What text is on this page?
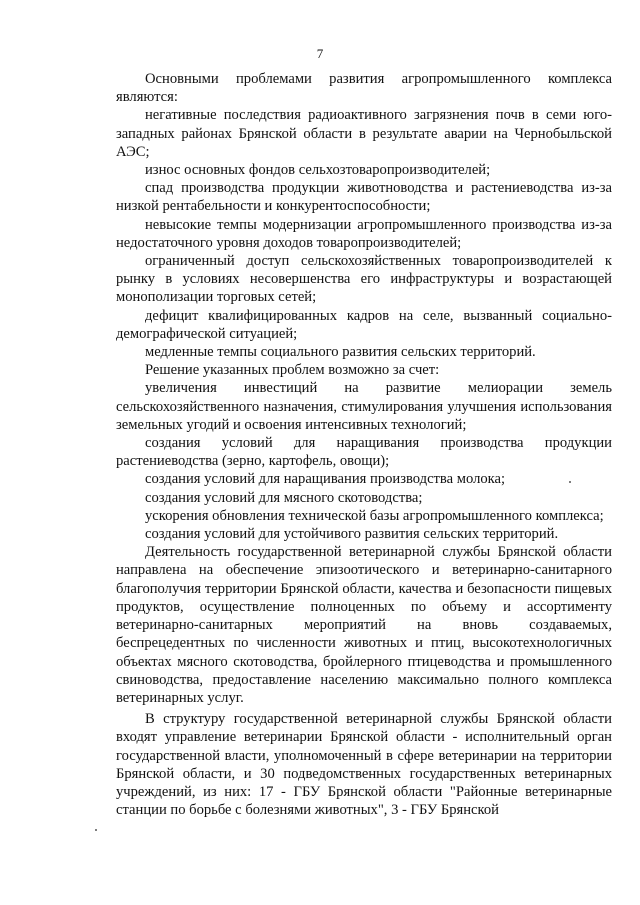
7

Основными проблемами развития агропромышленного комплекса являются:

негативные последствия радиоактивного загрязнения почв в семи юго-западных районах Брянской области в результате аварии на Чернобыльской АЭС;

износ основных фондов сельхозтоваропроизводителей;

спад производства продукции животноводства и растениеводства из-за низкой рентабельности и конкурентоспособности;

невысокие темпы модернизации агропромышленного производства из-за недостаточного уровня доходов товаропроизводителей;

ограниченный доступ сельскохозяйственных товаропроизводителей к рынку в условиях несовершенства его инфраструктуры и возрастающей монополизации торговых сетей;

дефицит квалифицированных кадров на селе, вызванный социально-демографической ситуацией;

медленные темпы социального развития сельских территорий.

Решение указанных проблем возможно за счет:

увеличения инвестиций на развитие мелиорации земель сельскохозяйственного назначения, стимулирования улучшения использования земельных угодий и освоения интенсивных технологий;

создания условий для наращивания производства продукции растениеводства (зерно, картофель, овощи);

создания условий для наращивания производства молока;

создания условий для мясного скотоводства;

ускорения обновления технической базы агропромышленного комплекса;

создания условий для устойчивого развития сельских территорий.

Деятельность государственной ветеринарной службы Брянской области направлена на обеспечение эпизоотического и ветеринарно-санитарного благополучия территории Брянской области, качества и безопасности пищевых продуктов, осуществление полноценных по объему и ассортименту ветеринарно-санитарных мероприятий на вновь создаваемых, беспрецедентных по численности животных и птиц, высокотехнологичных объектах мясного скотоводства, бройлерного птицеводства и промышленного свиноводства, предоставление населению максимально полного комплекса ветеринарных услуг.

В структуру государственной ветеринарной службы Брянской области входят управление ветеринарии Брянской области - исполнительный орган государственной власти, уполномоченный в сфере ветеринарии на территории Брянской области, и 30 подведомственных государственных ветеринарных учреждений, из них: 17 - ГБУ Брянской области "Районные ветеринарные станции по борьбе с болезнями животных", 3 - ГБУ Брянской
